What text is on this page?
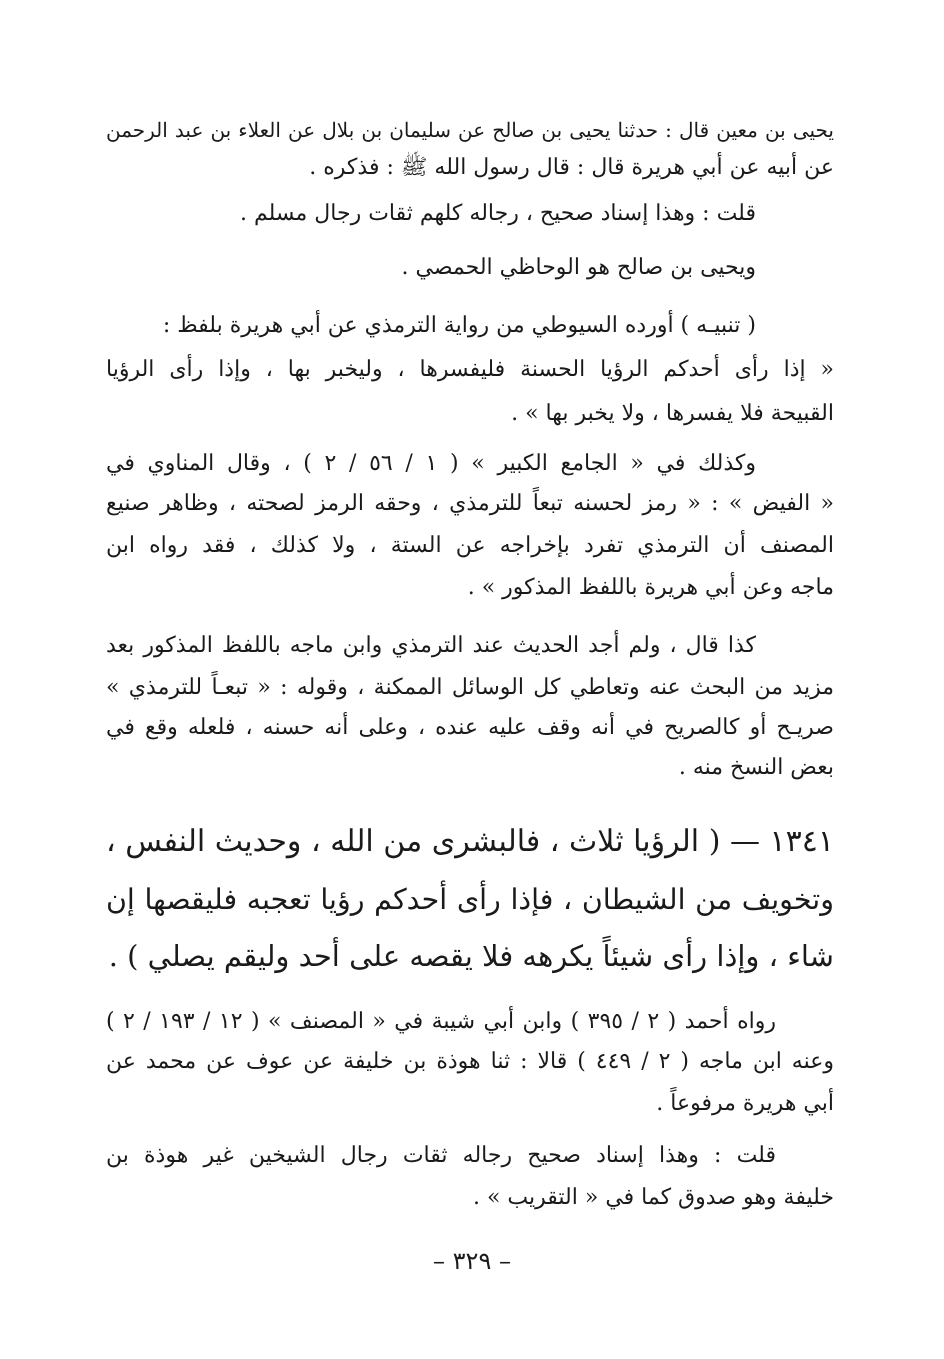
يحيى بن معين قال : حدثنا يحيى بن صالح عن سليمان بن بلال عن العلاء بن عبد الرحمن
عن أبيه عن أبي هريرة قال : قال رسول الله ﷺ : فذكره .
قلت : وهذا إسناد صحيح ، رجاله كلهم ثقات رجال مسلم .
ويحيى بن صالح هو الوحاظي الحمصي .
( تنبيـه ) أورده السيوطي من رواية الترمذي عن أبي هريرة بلفظ :
« إذا رأى أحدكم الرؤيا الحسنة فليفسرها ، وليخبر بها ، وإذا رأى الرؤيا
القبيحة فلا يفسرها ، ولا يخبر بها » .
وكذلك في « الجامع الكبير » ( ١ / ٥٦ / ٢ ) ، وقال المناوي في
« الفيض » : « رمز لحسنه تبعاً للترمذي ، وحقه الرمز لصحته ، وظاهر صنيع
المصنف أن الترمذي تفرد بإخراجه عن الستة ، ولا كذلك ، فقد رواه ابن
ماجه وعن أبي هريرة باللفظ المذكور » .
كذا قال ، ولم أجد الحديث عند الترمذي وابن ماجه باللفظ المذكور بعد
مزيد من البحث عنه وتعاطي كل الوسائل الممكنة ، وقوله : « تبعـاً للترمذي »
صريـح أو كالصريح في أنه وقف عليه عنده ، وعلى أنه حسنه ، فلعله وقع في
بعض النسخ منه .
١٣٤١ — ( الرؤيا ثلاث ، فالبشرى من الله ، وحديث النفس ،
وتخويف من الشيطان ، فإذا رأى أحدكم رؤيا تعجبه فليقصها إن
شاء ، وإذا رأى شيئاً يكرهه فلا يقصه على أحد وليقم يصلي ) .
رواه أحمد ( ٢ / ٣٩٥ ) وابن أبي شيبة في « المصنف » ( ١٢ / ١٩٣ / ٢ )
وعنه ابن ماجه ( ٢ / ٤٤٩ ) قالا : ثنا هوذة بن خليفة عن عوف عن محمد عن
أبي هريرة مرفوعاً .
قلت : وهذا إسناد صحيح رجاله ثقات رجال الشيخين غير هوذة بن
خليفة وهو صدوق كما في « التقريب » .
– ٣٢٩ –
